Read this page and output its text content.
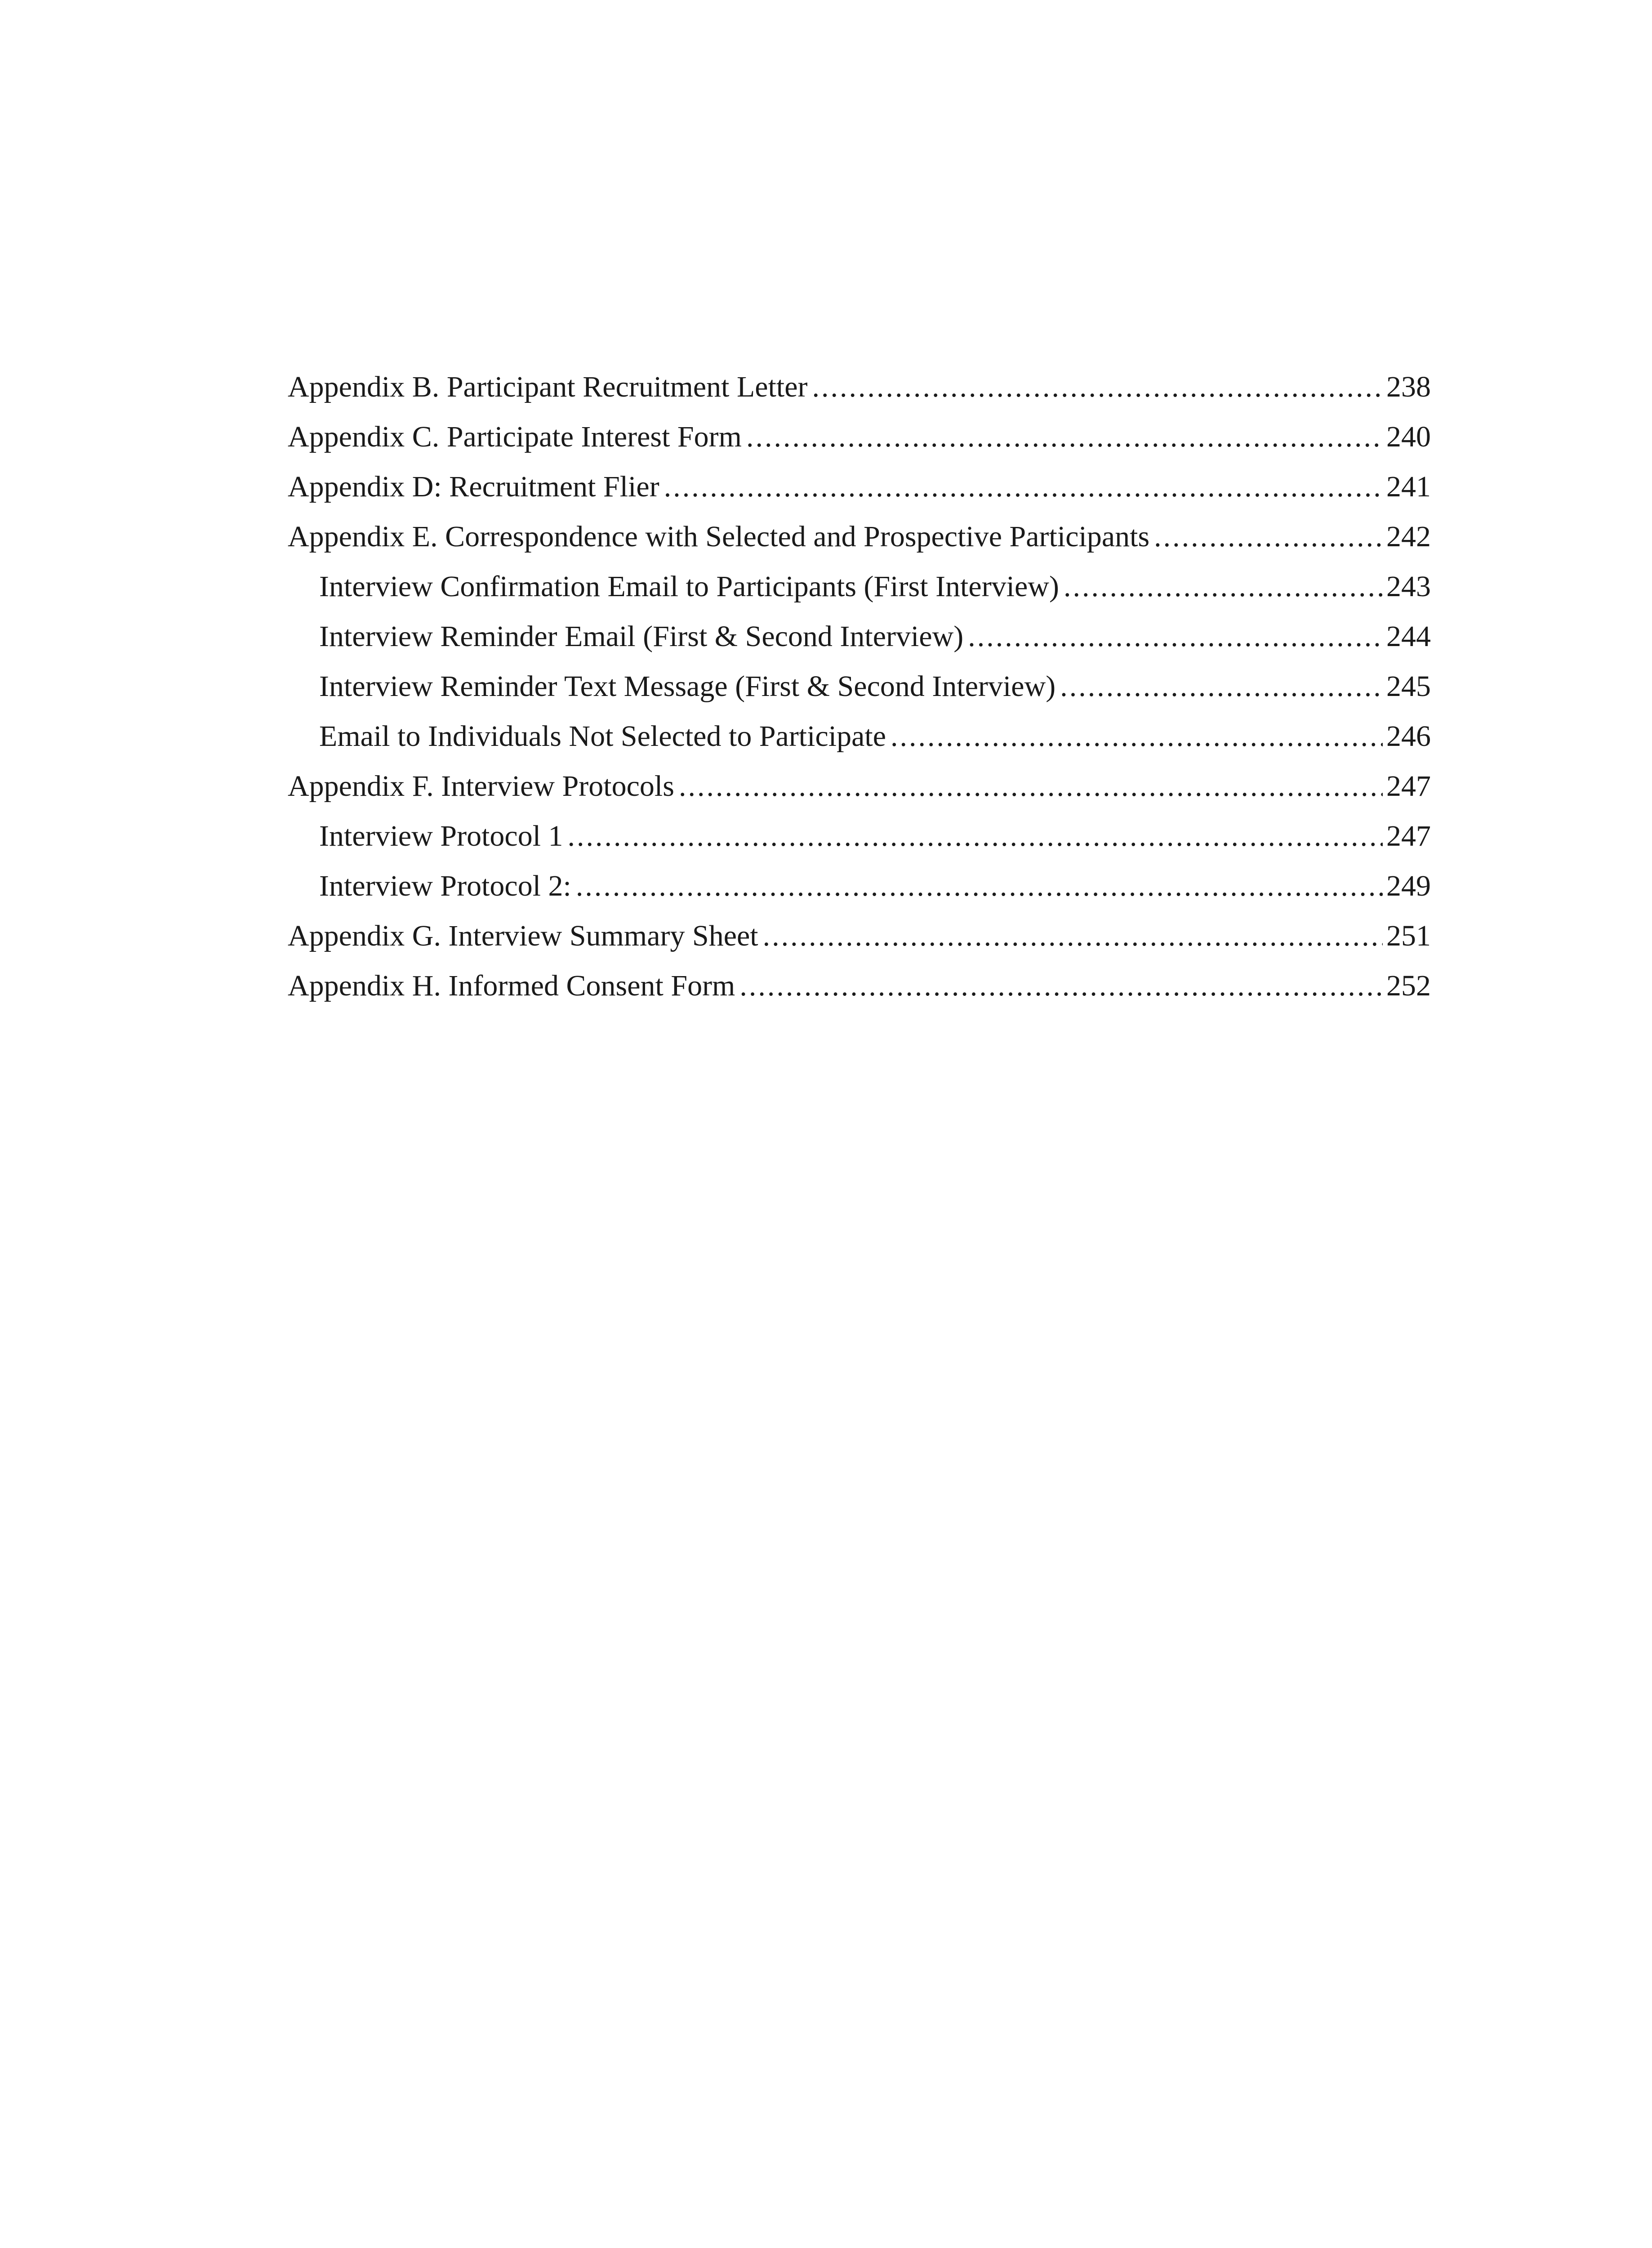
Appendix B. Participant Recruitment Letter .....	238
Appendix C. Participate Interest Form .....	240
Appendix D: Recruitment Flier .....	241
Appendix E. Correspondence with Selected and Prospective Participants .....	242
Interview Confirmation Email to Participants (First Interview) .....	243
Interview Reminder Email (First & Second Interview) .....	244
Interview Reminder Text Message (First & Second Interview) .....	245
Email to Individuals Not Selected to Participate .....	246
Appendix F. Interview Protocols .....	247
Interview Protocol 1 .....	247
Interview Protocol 2: .....	249
Appendix G. Interview Summary Sheet .....	251
Appendix H. Informed Consent Form .....	252
